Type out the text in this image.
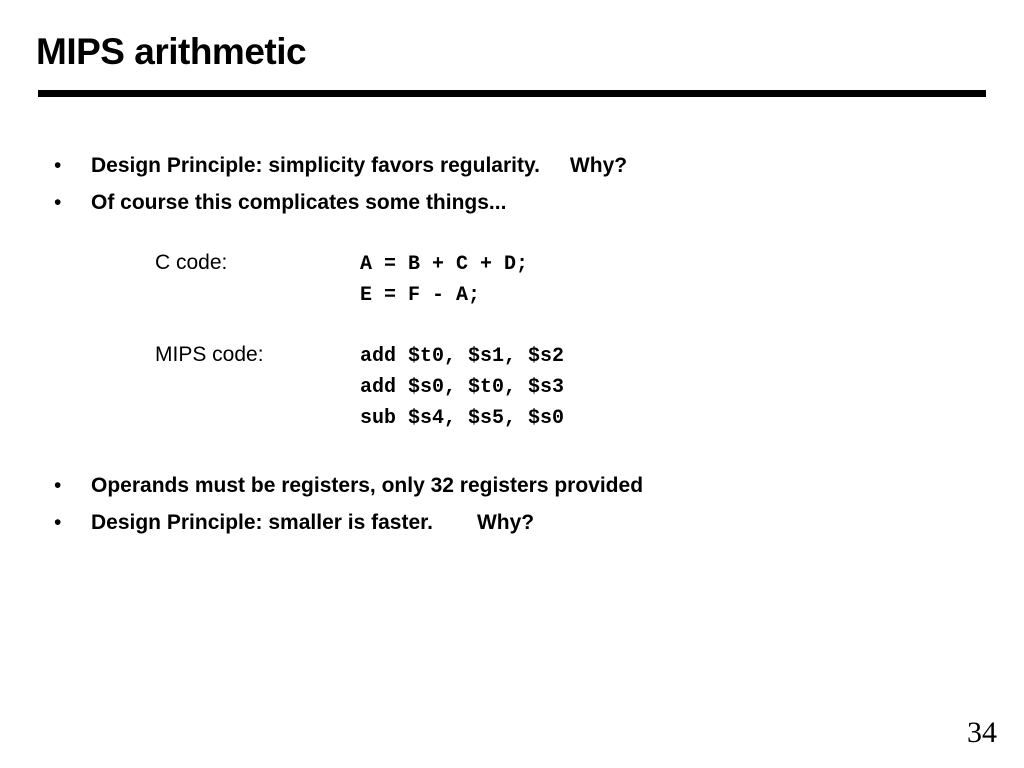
MIPS arithmetic
• Design Principle: simplicity favors regularity. Why?
• Of course this complicates some things...
C code:	A = B + C + D;
E = F - A;
MIPS code:	add $t0, $s1, $s2
add $s0, $t0, $s3
sub $s4, $s5, $s0
• Operands must be registers, only 32 registers provided
• Design Principle: smaller is faster. Why?
34
